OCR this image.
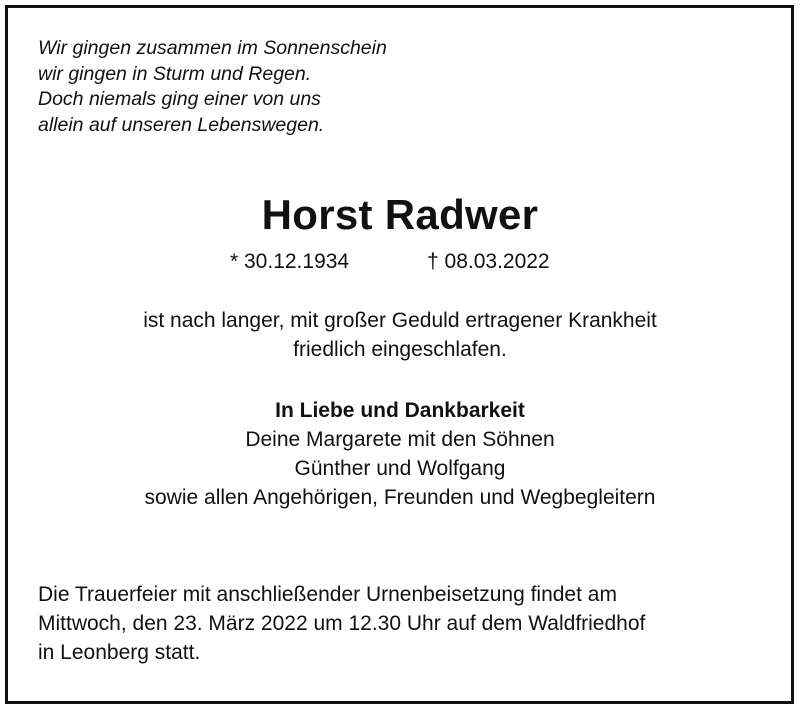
Wir gingen zusammen im Sonnenschein
wir gingen in Sturm und Regen.
Doch niemals ging einer von uns
allein auf unseren Lebenswegen.
Horst Radwer
* 30.12.1934	† 08.03.2022
ist nach langer, mit großer Geduld ertragener Krankheit
friedlich eingeschlafen.
In Liebe und Dankbarkeit
Deine Margarete mit den Söhnen
Günther und Wolfgang
sowie allen Angehörigen, Freunden und Wegbegleitern
Die Trauerfeier mit anschließender Urnenbeisetzung findet am
Mittwoch, den 23. März 2022 um 12.30 Uhr auf dem Waldfriedhof
in Leonberg statt.
